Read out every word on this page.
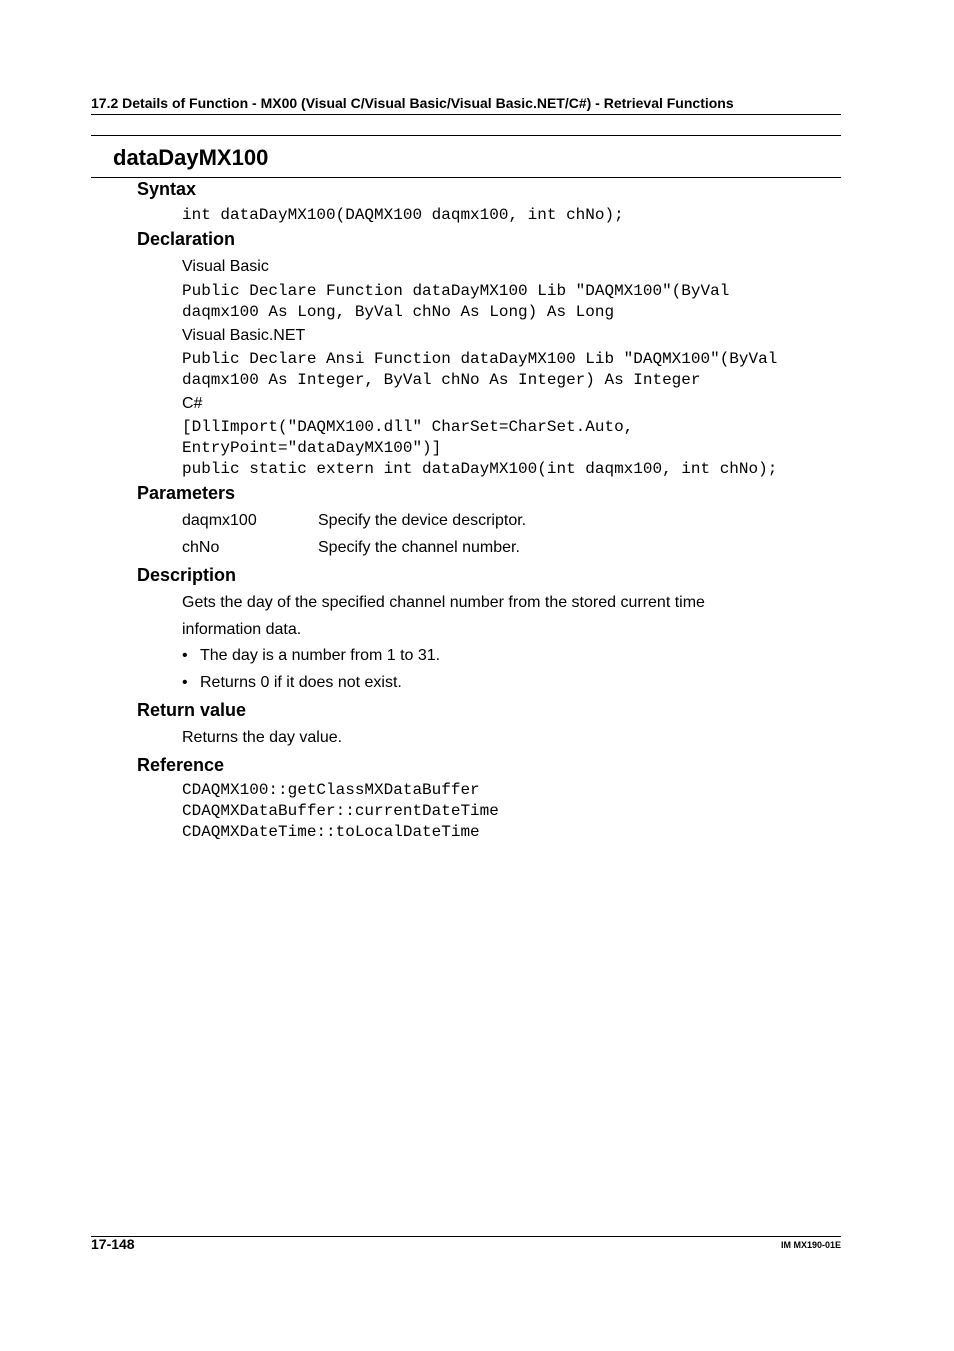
17.2 Details of Function - MX00 (Visual C/Visual Basic/Visual Basic.NET/C#) - Retrieval Functions
dataDayMX100
Syntax
int dataDayMX100(DAQMX100 daqmx100, int chNo);
Declaration
Visual Basic
Public Declare Function dataDayMX100 Lib "DAQMX100"(ByVal
daqmx100 As Long, ByVal chNo As Long) As Long
Visual Basic.NET
Public Declare Ansi Function dataDayMX100 Lib "DAQMX100"(ByVal
daqmx100 As Integer, ByVal chNo As Integer) As Integer
C#
[DllImport("DAQMX100.dll" CharSet=CharSet.Auto,
EntryPoint="dataDayMX100")]
public static extern int dataDayMX100(int daqmx100, int chNo);
Parameters
daqmx100	Specify the device descriptor.
chNo	Specify the channel number.
Description
Gets the day of the specified channel number from the stored current time
information data.
• The day is a number from 1 to 31.
• Returns 0 if it does not exist.
Return value
Returns the day value.
Reference
CDAQMX100::getClassMXDataBuffer
CDAQMXDataBuffer::currentDateTime
CDAQMXDateTime::toLocalDateTime
17-148	IM MX190-01E
